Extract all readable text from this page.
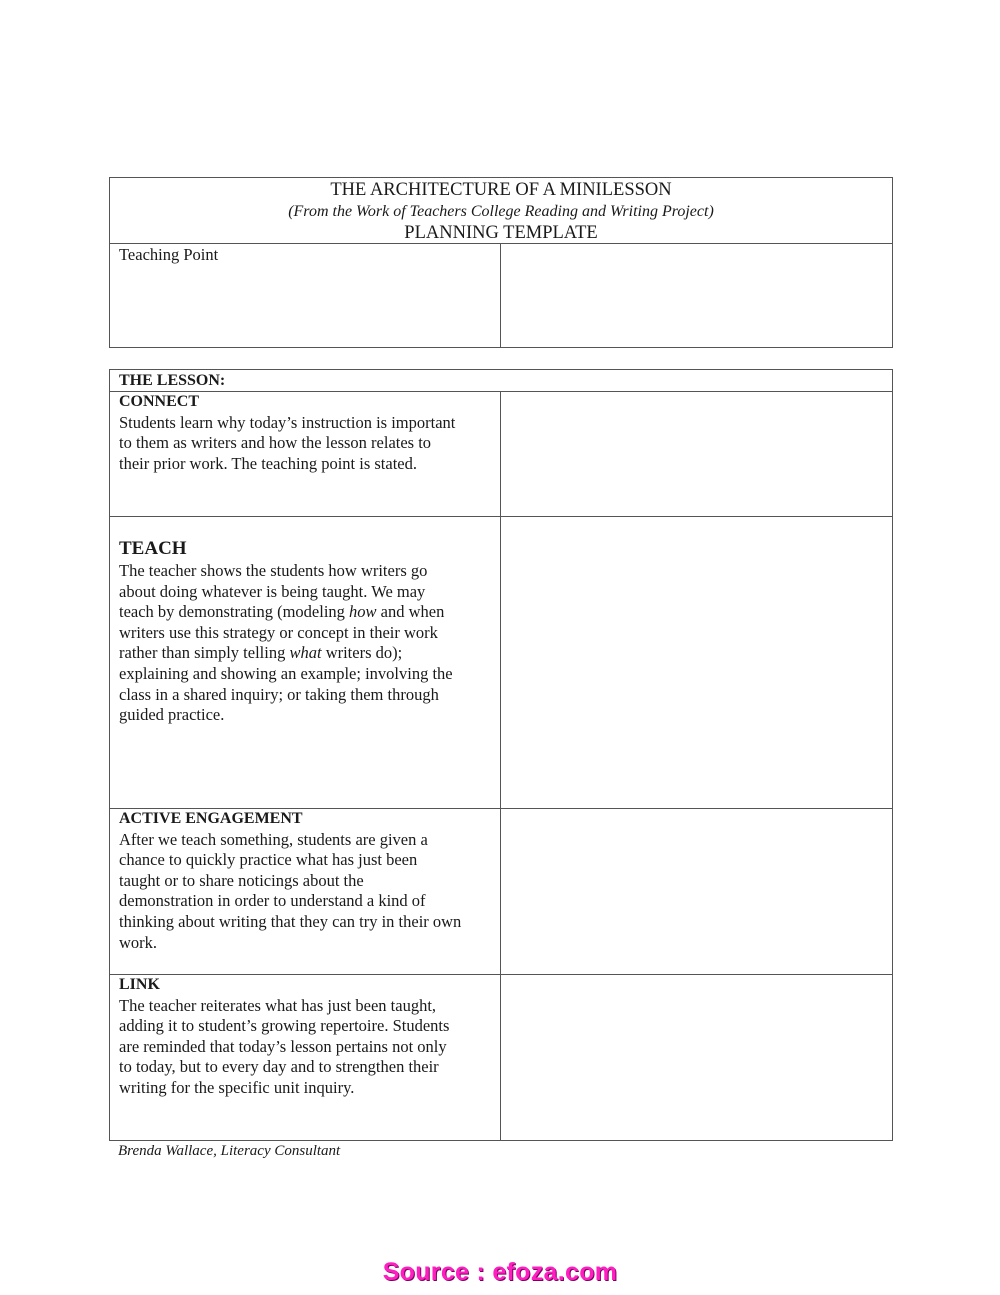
THE ARCHITECTURE OF A MINILESSON
(From the Work of Teachers College Reading and Writing Project)
PLANNING TEMPLATE
Teaching Point
THE LESSON:
CONNECT
Students learn why today’s instruction is important
to them as writers and how the lesson relates to
their prior work. The teaching point is stated.
TEACH
The teacher shows the students how writers go
about doing whatever is being taught. We may
teach by demonstrating (modeling how and when
writers use this strategy or concept in their work
rather than simply telling what writers do);
explaining and showing an example; involving the
class in a shared inquiry; or taking them through
guided practice.
ACTIVE ENGAGEMENT
After we teach something, students are given a
chance to quickly practice what has just been
taught or to share noticings about the
demonstration in order to understand a kind of
thinking about writing that they can try in their own
work.
LINK
The teacher reiterates what has just been taught,
adding it to student’s growing repertoire. Students
are reminded that today’s lesson pertains not only
to today, but to every day and to strengthen their
writing for the specific unit inquiry.
Brenda Wallace, Literacy Consultant
Source : efoza.com
